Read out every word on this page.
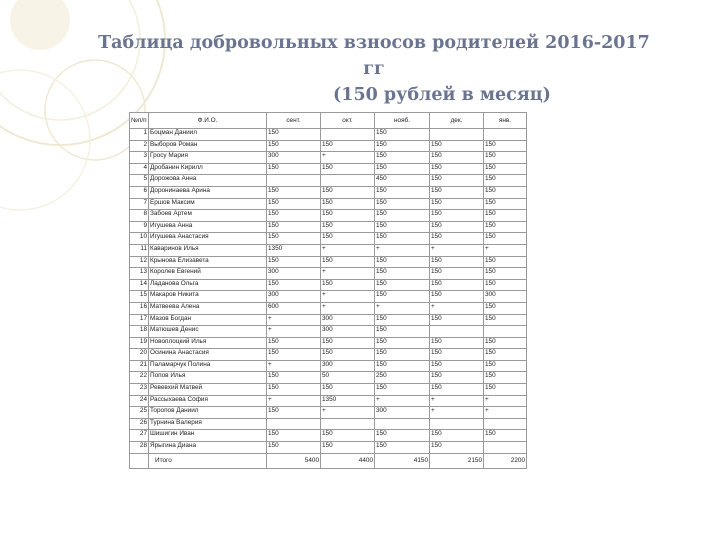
Таблица добровольных взносов родителей 2016-2017 гг
(150 рублей в месяц)
№п/п	Ф.И.О.	сент.	окт.	нояб.	дек.	янв.
1	Боцман Даниил	150		150		
2	Выборов Роман	150	150	150	150	150
3	Гросу Мария	300	+	150	150	150
4	Дробанин Кирилл	150	150	150	150	150
5	Дорожова Анна			450	150	150
6	Доронинаева Арина	150	150	150	150	150
7	Ершов Максим	150	150	150	150	150
8	Забоев Артем	150	150	150	150	150
9	Игушева Анна	150	150	150	150	150
10	Игушева Анастасия	150	150	150	150	150
11	Каваринов Илья	1350	+	+	+	+
12	Крынова Елизавета	150	150	150	150	150
13	Королев Евгений	300	+	150	150	150
14	Ладанова Ольга	150	150	150	150	150
15	Макаров Никита	300	+	150	150	300
16	Матвеева Алена	600	+	+	+	150
17	Мазов Богдан	+	300	150	150	150
18	Матюшев Денис	+	300	150		
19	Новоплоцкий Илья	150	150	150	150	150
20	Осинина Анастасия	150	150	150	150	150
21	Паламарчук Полина	+	300	150	150	150
22	Попов Илья	150	50	250	150	150
23	Ревевхий Матвей	150	150	150	150	150
24	Рассыхаева София	+	1350	+	+	+
25	Торопов Даниил	150	+	300	+	+
26	Турнина Валерия					
27	Шишигин Иван	150	150	150	150	150
28	Ярыгина Диана	150	150	150	150	
	Итого	5400	4400	4150	2150	2200
